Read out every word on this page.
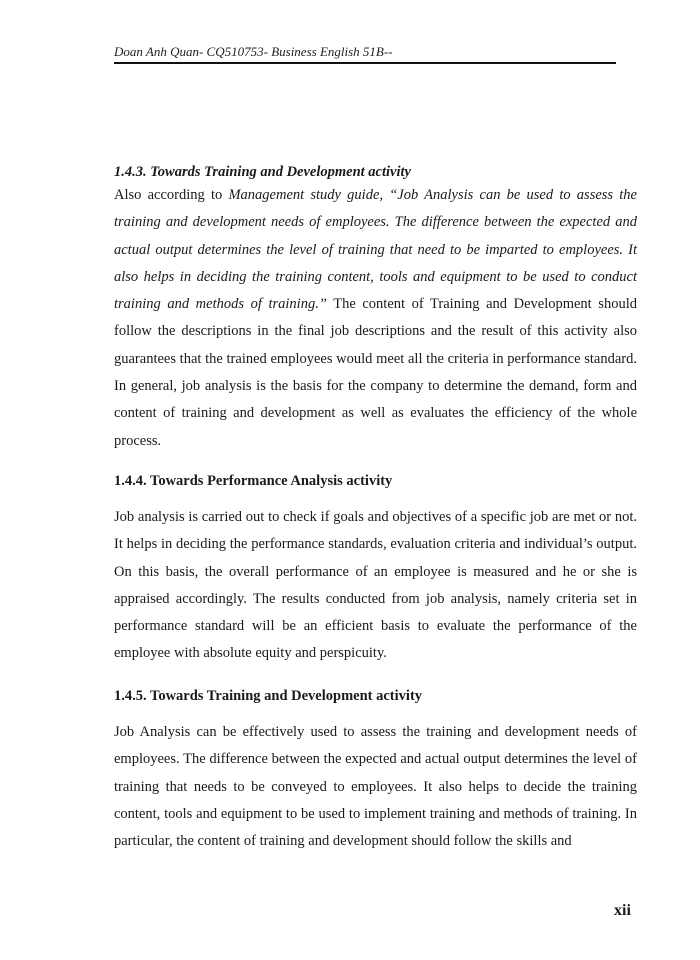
Doan Anh Quan- CQ510753- Business English 51B--

1.4.3. Towards Training and Development activity

Also according to Management study guide, “Job Analysis can be used to assess the training and development needs of employees. The difference between the expected and actual output determines the level of training that need to be imparted to employees. It also helps in deciding the training content, tools and equipment to be used to conduct training and methods of training.” The content of Training and Development should follow the descriptions in the final job descriptions and the result of this activity also guarantees that the trained employees would meet all the criteria in performance standard. In general, job analysis is the basis for the company to determine the demand, form and content of training and development as well as evaluates the efficiency of the whole process.

1.4.4. Towards Performance Analysis activity

Job analysis is carried out to check if goals and objectives of a specific job are met or not. It helps in deciding the performance standards, evaluation criteria and individual’s output. On this basis, the overall performance of an employee is measured and he or she is appraised accordingly. The results conducted from job analysis, namely criteria set in performance standard will be an efficient basis to evaluate the performance of the employee with absolute equity and perspicuity.

1.4.5. Towards Training and Development activity

Job Analysis can be effectively used to assess the training and development needs of employees. The difference between the expected and actual output determines the level of training that needs to be conveyed to employees. It also helps to decide the training content, tools and equipment to be used to implement training and methods of training. In particular, the content of training and development should follow the skills and

xii
